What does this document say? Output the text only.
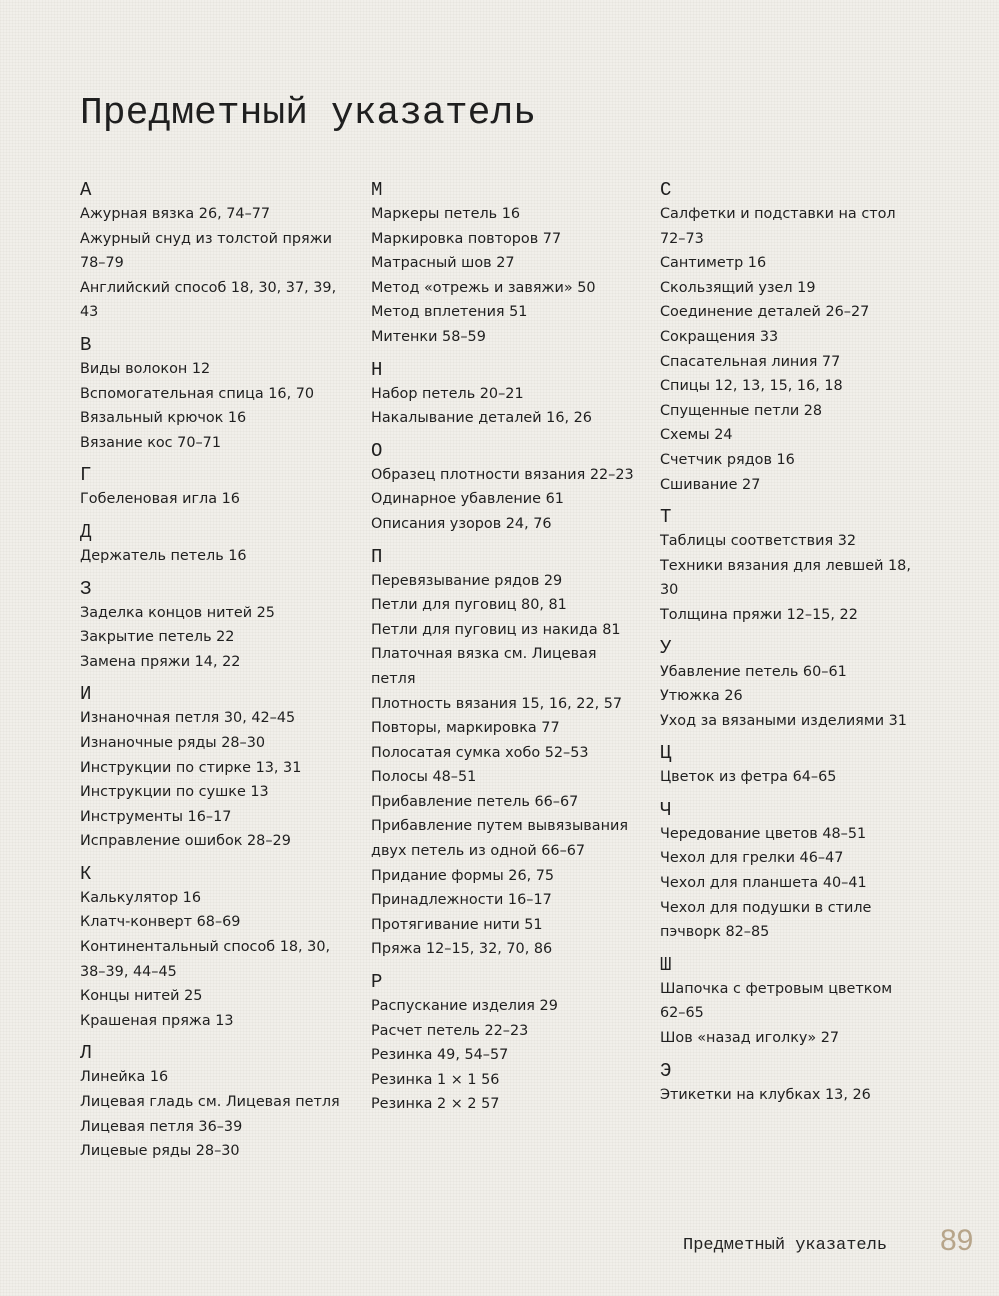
Предметный указатель
А
Ажурная вязка 26, 74–77
Ажурный снуд из толстой пряжи 78–79
Английский способ 18, 30, 37, 39, 43
В
Виды волокон 12
Вспомогательная спица 16, 70
Вязальный крючок 16
Вязание кос 70–71
Г
Гобеленовая игла 16
Д
Держатель петель 16
З
Заделка концов нитей 25
Закрытие петель 22
Замена пряжи 14, 22
И
Изнаночная петля 30, 42–45
Изнаночные ряды 28–30
Инструкции по стирке 13, 31
Инструкции по сушке 13
Инструменты 16–17
Исправление ошибок 28–29
К
Калькулятор 16
Клатч-конверт 68–69
Континентальный способ 18, 30, 38–39, 44–45
Концы нитей 25
Крашеная пряжа 13
Л
Линейка 16
Лицевая гладь см. Лицевая петля
Лицевая петля 36–39
Лицевые ряды 28–30
М
Маркеры петель 16
Маркировка повторов 77
Матрасный шов 27
Метод «отрежь и завяжи» 50
Метод вплетения 51
Митенки 58–59
Н
Набор петель 20–21
Накалывание деталей 16, 26
О
Образец плотности вязания 22–23
Одинарное убавление 61
Описания узоров 24, 76
П
Перевязывание рядов 29
Петли для пуговиц 80, 81
Петли для пуговиц из накида 81
Платочная вязка см. Лицевая петля
Плотность вязания 15, 16, 22, 57
Повторы, маркировка 77
Полосатая сумка хобо 52–53
Полосы 48–51
Прибавление петель 66–67
Прибавление путем вывязывания двух петель из одной 66–67
Придание формы 26, 75
Принадлежности 16–17
Протягивание нити 51
Пряжа 12–15, 32, 70, 86
Р
Распускание изделия 29
Расчет петель 22–23
Резинка 49, 54–57
Резинка 1 × 1 56
Резинка 2 × 2 57
С
Салфетки и подставки на стол 72–73
Сантиметр 16
Скользящий узел 19
Соединение деталей 26–27
Сокращения 33
Спасательная линия 77
Спицы 12, 13, 15, 16, 18
Спущенные петли 28
Схемы 24
Счетчик рядов 16
Сшивание 27
Т
Таблицы соответствия 32
Техники вязания для левшей 18, 30
Толщина пряжи 12–15, 22
У
Убавление петель 60–61
Утюжка 26
Уход за вязаными изделиями 31
Ц
Цветок из фетра 64–65
Ч
Чередование цветов 48–51
Чехол для грелки 46–47
Чехол для планшета 40–41
Чехол для подушки в стиле пэчворк 82–85
Ш
Шапочка с фетровым цветком 62–65
Шов «назад иголку» 27
Э
Этикетки на клубках 13, 26
Предметный указатель 89
